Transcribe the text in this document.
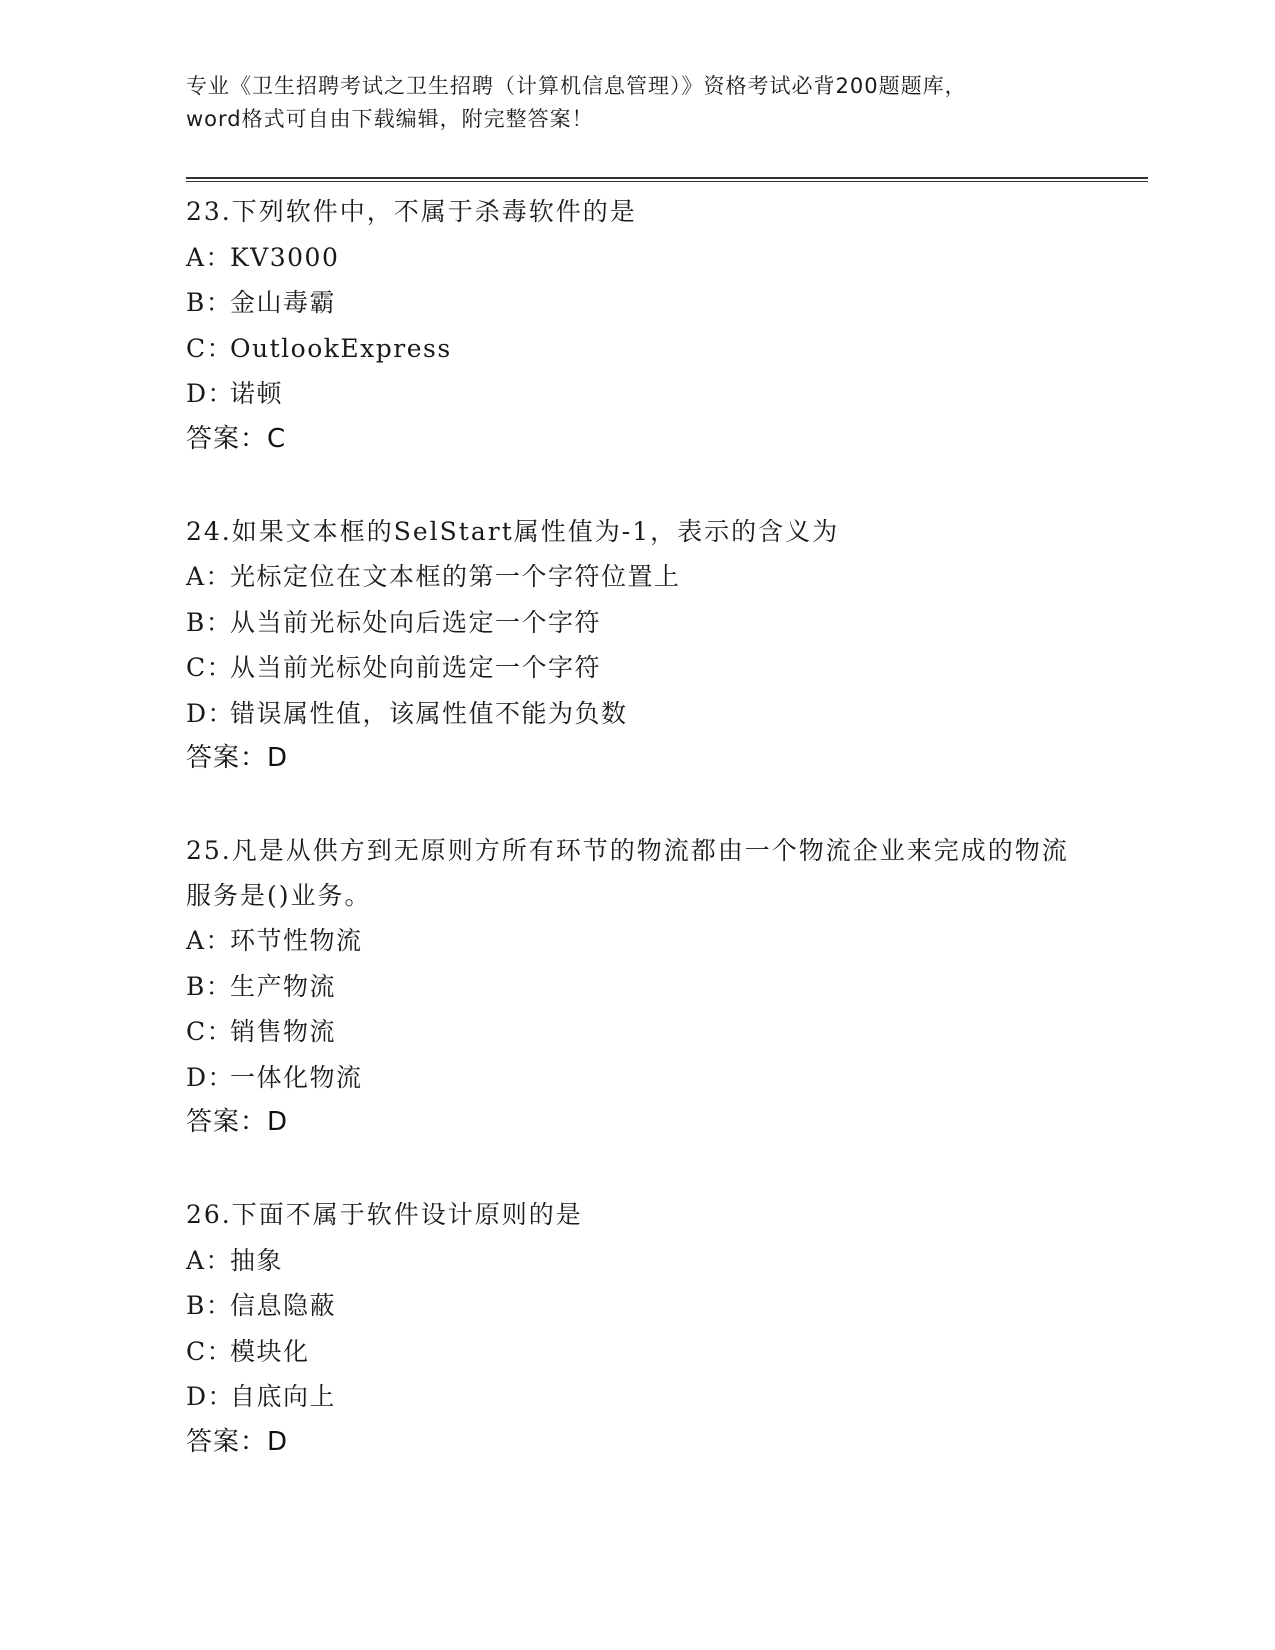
专业《卫生招聘考试之卫生招聘（计算机信息管理）》资格考试必背200题题库，
word格式可自由下载编辑，附完整答案！
23.下列软件中，不属于杀毒软件的是
A：KV3000
B：金山毒霸
C：OutlookExpress
D：诺顿
答案：C
24.如果文本框的SelStart属性值为-1，表示的含义为
A：光标定位在文本框的第一个字符位置上
B：从当前光标处向后选定一个字符
C：从当前光标处向前选定一个字符
D：错误属性值，该属性值不能为负数
答案：D
25.凡是从供方到无原则方所有环节的物流都由一个物流企业来完成的物流服务是()业务。
A：环节性物流
B：生产物流
C：销售物流
D：一体化物流
答案：D
26.下面不属于软件设计原则的是
A：抽象
B：信息隐蔽
C：模块化
D：自底向上
答案：D
